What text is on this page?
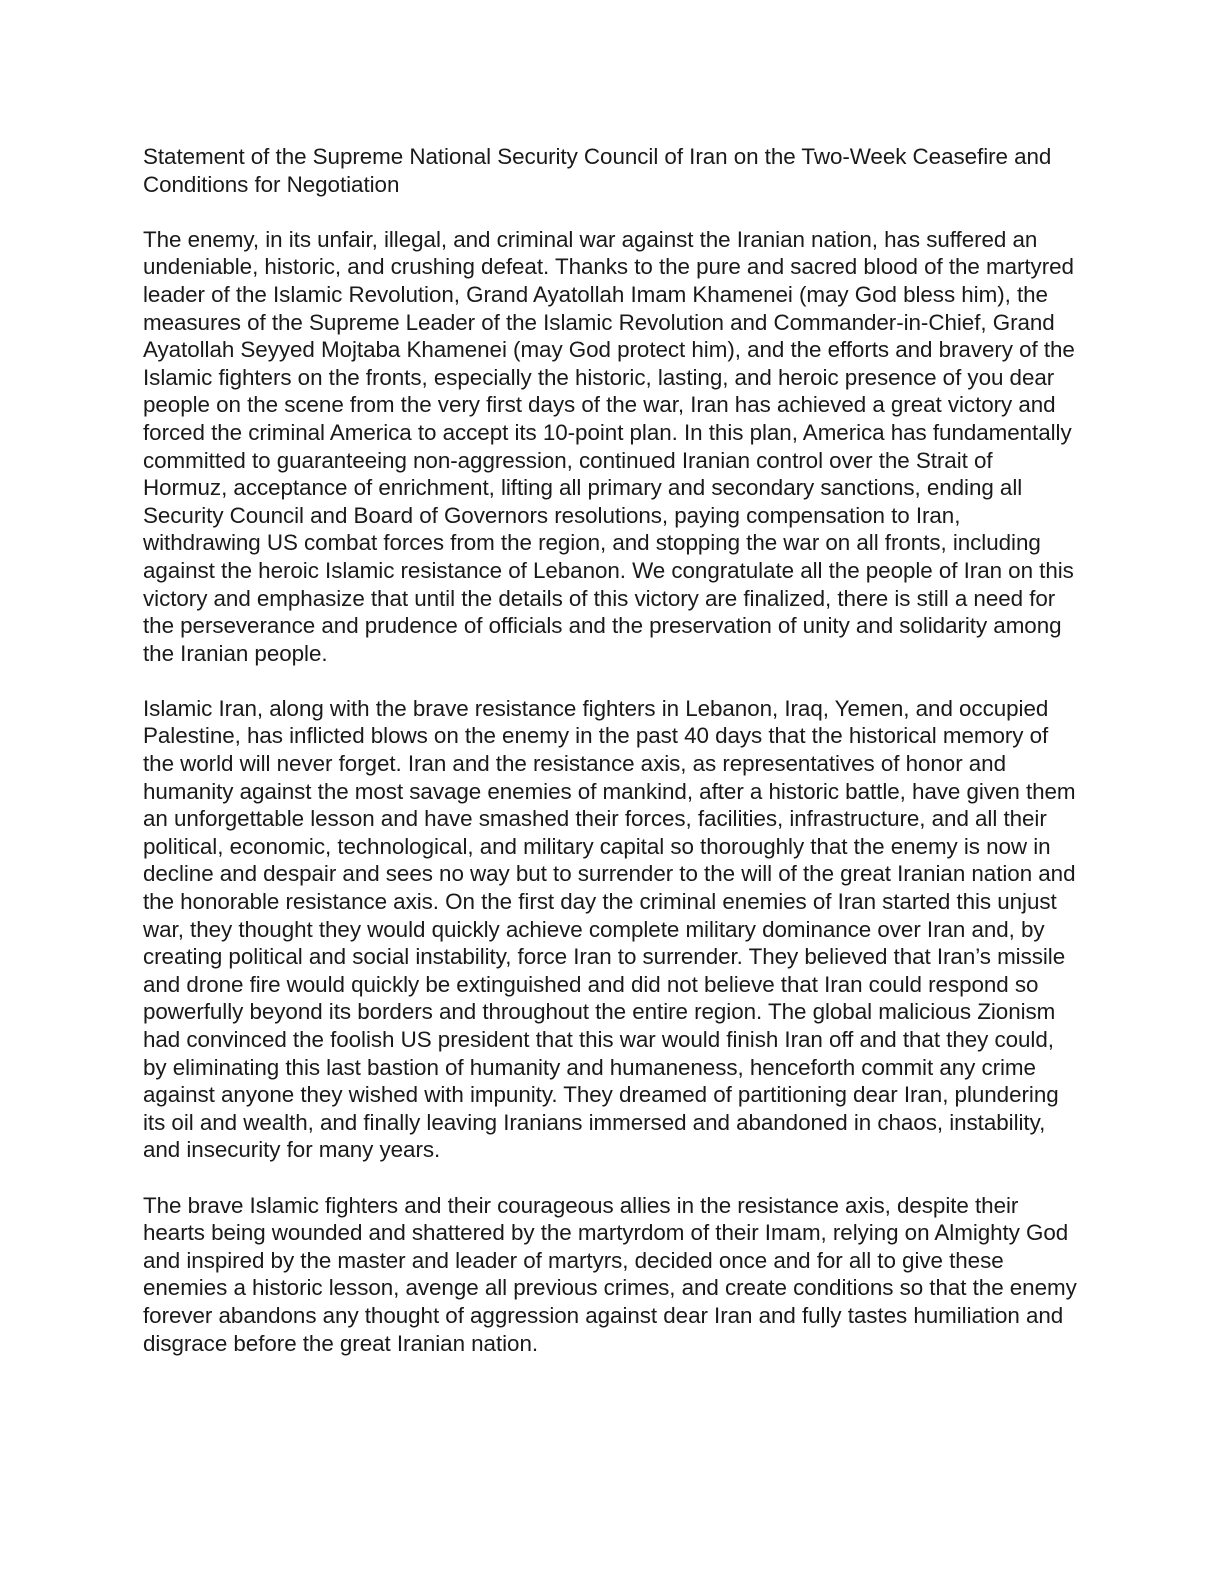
Statement of the Supreme National Security Council of Iran on the Two-Week Ceasefire and Conditions for Negotiation

The enemy, in its unfair, illegal, and criminal war against the Iranian nation, has suffered an undeniable, historic, and crushing defeat. Thanks to the pure and sacred blood of the martyred leader of the Islamic Revolution, Grand Ayatollah Imam Khamenei (may God bless him), the measures of the Supreme Leader of the Islamic Revolution and Commander-in-Chief, Grand Ayatollah Seyyed Mojtaba Khamenei (may God protect him), and the efforts and bravery of the Islamic fighters on the fronts, especially the historic, lasting, and heroic presence of you dear people on the scene from the very first days of the war, Iran has achieved a great victory and forced the criminal America to accept its 10-point plan. In this plan, America has fundamentally committed to guaranteeing non-aggression, continued Iranian control over the Strait of Hormuz, acceptance of enrichment, lifting all primary and secondary sanctions, ending all Security Council and Board of Governors resolutions, paying compensation to Iran, withdrawing US combat forces from the region, and stopping the war on all fronts, including against the heroic Islamic resistance of Lebanon. We congratulate all the people of Iran on this victory and emphasize that until the details of this victory are finalized, there is still a need for the perseverance and prudence of officials and the preservation of unity and solidarity among the Iranian people.

Islamic Iran, along with the brave resistance fighters in Lebanon, Iraq, Yemen, and occupied Palestine, has inflicted blows on the enemy in the past 40 days that the historical memory of the world will never forget. Iran and the resistance axis, as representatives of honor and humanity against the most savage enemies of mankind, after a historic battle, have given them an unforgettable lesson and have smashed their forces, facilities, infrastructure, and all their political, economic, technological, and military capital so thoroughly that the enemy is now in decline and despair and sees no way but to surrender to the will of the great Iranian nation and the honorable resistance axis. On the first day the criminal enemies of Iran started this unjust war, they thought they would quickly achieve complete military dominance over Iran and, by creating political and social instability, force Iran to surrender. They believed that Iran’s missile and drone fire would quickly be extinguished and did not believe that Iran could respond so powerfully beyond its borders and throughout the entire region. The global malicious Zionism had convinced the foolish US president that this war would finish Iran off and that they could, by eliminating this last bastion of humanity and humaneness, henceforth commit any crime against anyone they wished with impunity. They dreamed of partitioning dear Iran, plundering its oil and wealth, and finally leaving Iranians immersed and abandoned in chaos, instability, and insecurity for many years.

The brave Islamic fighters and their courageous allies in the resistance axis, despite their hearts being wounded and shattered by the martyrdom of their Imam, relying on Almighty God and inspired by the master and leader of martyrs, decided once and for all to give these enemies a historic lesson, avenge all previous crimes, and create conditions so that the enemy forever abandons any thought of aggression against dear Iran and fully tastes humiliation and disgrace before the great Iranian nation.
